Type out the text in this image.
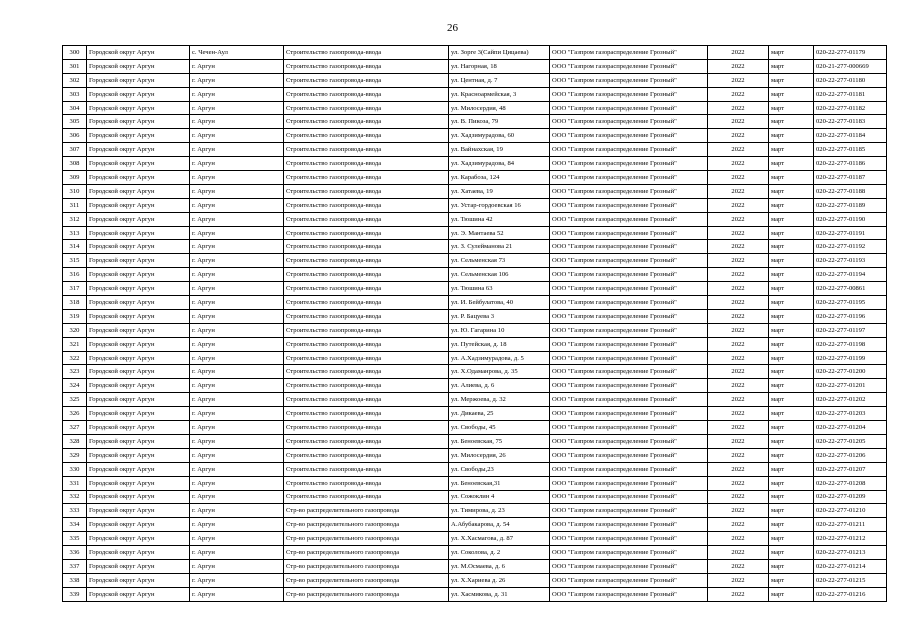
26
300	Городской округ Аргун	с. Чечен-Аул	Строительство газопровода-ввода	ул. Зорге 3(Сайпи Цицаева)	ООО "Газпром газораспределение Грозный"	2022	март	020-22-277-01179
301	Городской округ Аргун	г. Аргун	Строительство газопровода-ввода	ул. Нагорная, 18	ООО "Газпром газораспределение Грозный"	2022	март	020-21-277-000669
302	Городской округ Аргун	г. Аргун	Строительство газопровода-ввода	ул. Центная, д. 7	ООО "Газпром газораспределение Грозный"	2022	март	020-22-277-01180
303	Городской округ Аргун	г. Аргун	Строительство газопровода-ввода	ул. Красноармейская, 3	ООО "Газпром газораспределение Грозный"	2022	март	020-22-277-01181
304	Городской округ Аргун	г. Аргун	Строительство газопровода-ввода	ул. Милосердия, 48	ООО "Газпром газораспределение Грозный"	2022	март	020-22-277-01182
305	Городской округ Аргун	г. Аргун	Строительство газопровода-ввода	ул. В. Пикоза, 79	ООО "Газпром газораспределение Грозный"	2022	март	020-22-277-01183
306	Городской округ Аргун	г. Аргун	Строительство газопровода-ввода	ул. Хадзимурадова, 60	ООО "Газпром газораспределение Грозный"	2022	март	020-22-277-01184
307	Городской округ Аргун	г. Аргун	Строительство газопровода-ввода	ул. Вайнахская, 19	ООО "Газпром газораспределение Грозный"	2022	март	020-22-277-01185
308	Городской округ Аргун	г. Аргун	Строительство газопровода-ввода	ул. Хадзимурадова, 84	ООО "Газпром газораспределение Грозный"	2022	март	020-22-277-01186
309	Городской округ Аргун	г. Аргун	Строительство газопровода-ввода	ул. Карабоза, 124	ООО "Газпром газораспределение Грозный"	2022	март	020-22-277-01187
310	Городской округ Аргун	г. Аргун	Строительство газопровода-ввода	ул. Хатаева, 19	ООО "Газпром газораспределение Грозный"	2022	март	020-22-277-01188
311	Городской округ Аргун	г. Аргун	Строительство газопровода-ввода	ул. Устар-гордоевская 16	ООО "Газпром газораспределение Грозный"	2022	март	020-22-277-01189
312	Городской округ Аргун	г. Аргун	Строительство газопровода-ввода	ул. Тюшина 42	ООО "Газпром газораспределение Грозный"	2022	март	020-22-277-01190
313	Городской округ Аргун	г. Аргун	Строительство газопровода-ввода	ул. Э. Мантаева 52	ООО "Газпром газораспределение Грозный"	2022	март	020-22-277-01191
314	Городской округ Аргун	г. Аргун	Строительство газопровода-ввода	ул. З. Сулейманова 21	ООО "Газпром газораспределение Грозный"	2022	март	020-22-277-01192
315	Городской округ Аргун	г. Аргун	Строительство газопровода-ввода	ул. Сельменская 73	ООО "Газпром газораспределение Грозный"	2022	март	020-22-277-01193
316	Городской округ Аргун	г. Аргун	Строительство газопровода-ввода	ул. Сельменская 106	ООО "Газпром газораспределение Грозный"	2022	март	020-22-277-01194
317	Городской округ Аргун	г. Аргун	Строительство газопровода-ввода	ул. Тюшина 63	ООО "Газпром газораспределение Грозный"	2022	март	020-22-277-00861
318	Городской округ Аргун	г. Аргун	Строительство газопровода-ввода	ул. И. Бейбулатова, 40	ООО "Газпром газораспределение Грозный"	2022	март	020-22-277-01195
319	Городской округ Аргун	г. Аргун	Строительство газопровода-ввода	ул. Р. Бацуева 3	ООО "Газпром газораспределение Грозный"	2022	март	020-22-277-01196
320	Городской округ Аргун	г. Аргун	Строительство газопровода-ввода	ул. Ю. Гагарина 10	ООО "Газпром газораспределение Грозный"	2022	март	020-22-277-01197
321	Городской округ Аргун	г. Аргун	Строительство газопровода-ввода	ул. Путейская, д. 18	ООО "Газпром газораспределение Грозный"	2022	март	020-22-277-01198
322	Городской округ Аргун	г. Аргун	Строительство газопровода-ввода	ул. А.Хадзимурадова, д. 5	ООО "Газпром газораспределение Грозный"	2022	март	020-22-277-01199
323	Городской округ Аргун	г. Аргун	Строительство газопровода-ввода	ул. Х.Одаманрова, д. 35	ООО "Газпром газораспределение Грозный"	2022	март	020-22-277-01200
324	Городской округ Аргун	г. Аргун	Строительство газопровода-ввода	ул. Алиева, д. 6	ООО "Газпром газораспределение Грозный"	2022	март	020-22-277-01201
325	Городской округ Аргун	г. Аргун	Строительство газопровода-ввода	ул. Мержоева, д. 32	ООО "Газпром газораспределение Грозный"	2022	март	020-22-277-01202
326	Городской округ Аргун	г. Аргун	Строительство газопровода-ввода	ул. Дикаева, 25	ООО "Газпром газораспределение Грозный"	2022	март	020-22-277-01203
327	Городской округ Аргун	г. Аргун	Строительство газопровода-ввода	ул. Свободы, 45	ООО "Газпром газораспределение Грозный"	2022	март	020-22-277-01204
328	Городской округ Аргун	г. Аргун	Строительство газопровода-ввода	ул. Беноевская, 75	ООО "Газпром газораспределение Грозный"	2022	март	020-22-277-01205
329	Городской округ Аргун	г. Аргун	Строительство газопровода-ввода	ул. Милосердия, 26	ООО "Газпром газораспределение Грозный"	2022	март	020-22-277-01206
330	Городской округ Аргун	г. Аргун	Строительство газопровода-ввода	ул. Свободы,23	ООО "Газпром газораспределение Грозный"	2022	март	020-22-277-01207
331	Городской округ Аргун	г. Аргун	Строительство газопровода-ввода	ул. Беноевская,31	ООО "Газпром газораспределение Грозный"	2022	март	020-22-277-01208
332	Городской округ Аргун	г. Аргун	Строительство газопровода-ввода	ул. Сожоклин 4	ООО "Газпром газораспределение Грозный"	2022	март	020-22-277-01209
333	Городской округ Аргун	г. Аргун	Стр-во распределительного газопровода	ул. Тимирова, д. 23	ООО "Газпром газораспределение Грозный"	2022	март	020-22-277-01210
334	Городской округ Аргун	г. Аргун	Стр-во распределительного газопровода	А.Абубакарова, д. 54	ООО "Газпром газораспределение Грозный"	2022	март	020-22-277-01211
335	Городской округ Аргун	г. Аргун	Стр-во распределительного газопровода	ул. Х.Хасмагова, д. 87	ООО "Газпром газораспределение Грозный"	2022	март	020-22-277-01212
336	Городской округ Аргун	г. Аргун	Стр-во распределительного газопровода	ул. Соколова, д. 2	ООО "Газпром газораспределение Грозный"	2022	март	020-22-277-01213
337	Городской округ Аргун	г. Аргун	Стр-во распределительного газопровода	ул. М.Осмаева, д. 6	ООО "Газпром газораспределение Грозный"	2022	март	020-22-277-01214
338	Городской округ Аргун	г. Аргун	Стр-во распределительного газопровода	ул. Х.Хариева д. 26	ООО "Газпром газораспределение Грозный"	2022	март	020-22-277-01215
339	Городской округ Аргун	г. Аргун	Стр-во распределительного газопровода	ул. Хасмикова, д. 31	ООО "Газпром газораспределение Грозный"	2022	март	020-22-277-01216
